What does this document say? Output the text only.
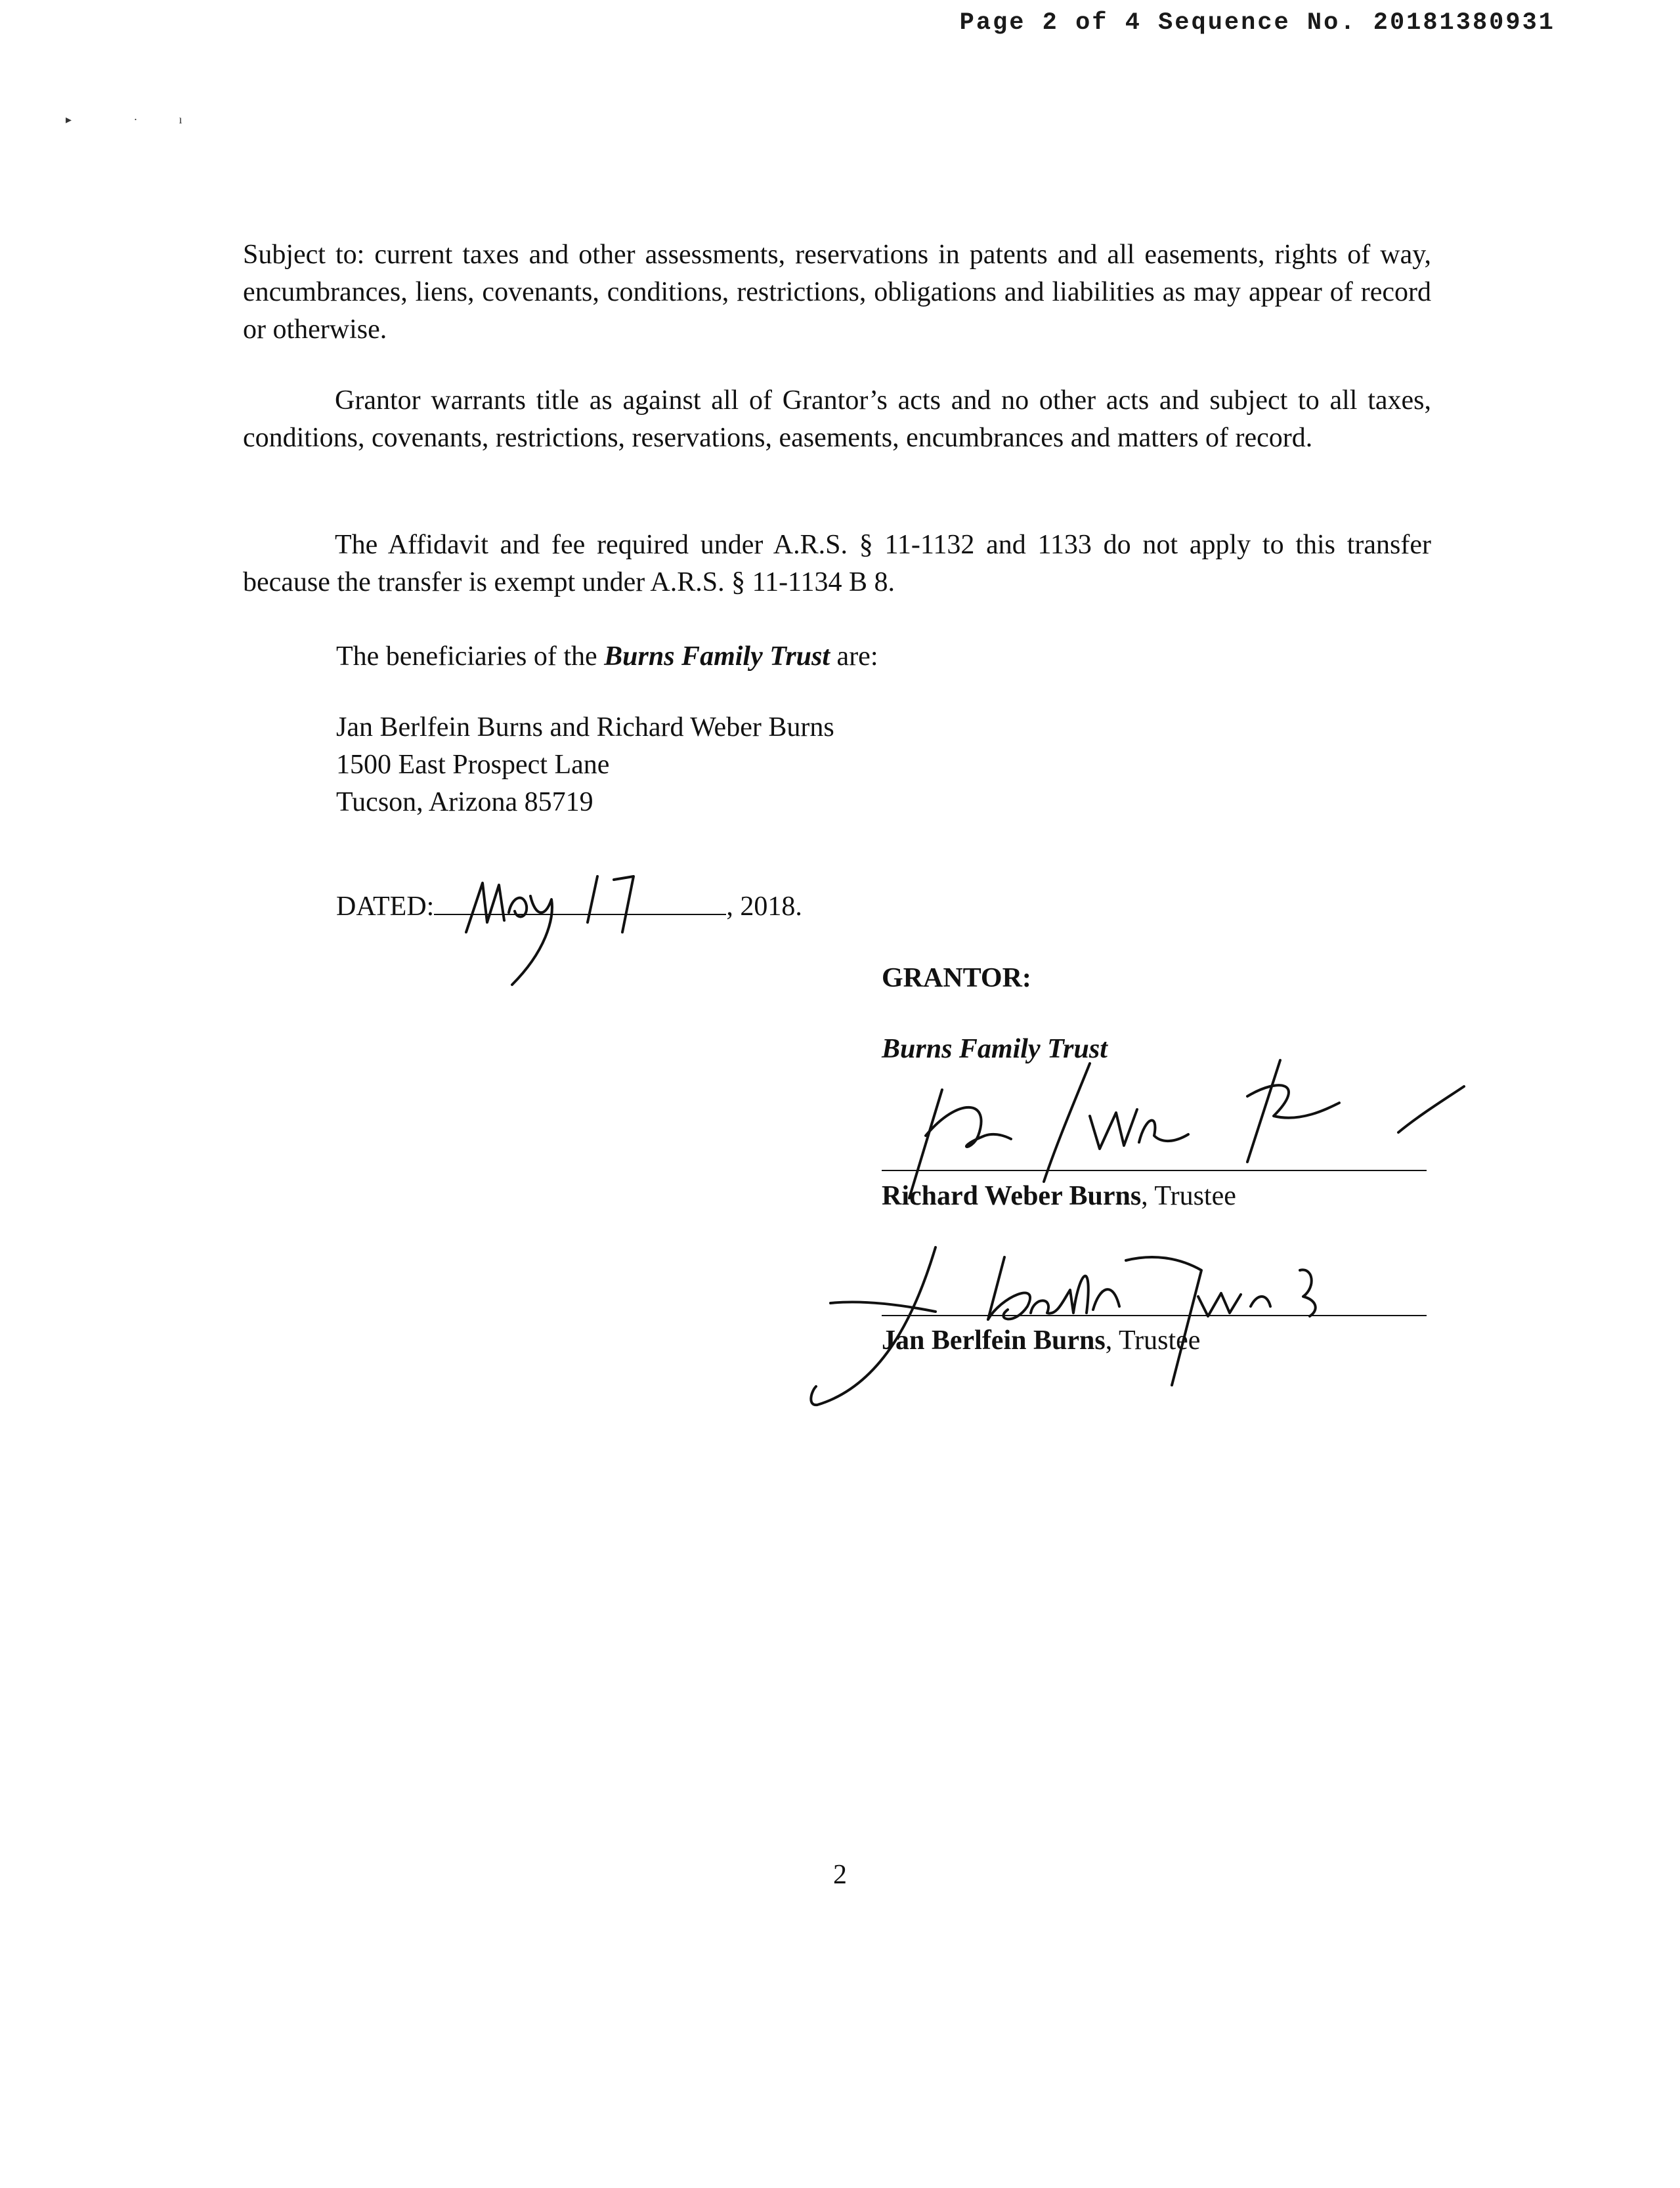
Page 2 of 4 Sequence No. 20181380931
▸                     ·              ı
Subject to: current taxes and other assessments, reservations in patents and all easements, rights of way, encumbrances, liens, covenants, conditions, restrictions, obligations and liabilities as may appear of record or otherwise.
Grantor warrants title as against all of Grantor’s acts and no other acts and subject to all taxes, conditions, covenants, restrictions, reservations, easements, encumbrances and matters of record.
The Affidavit and fee required under A.R.S. § 11-1132 and 1133 do not apply to this transfer because the transfer is exempt under A.R.S. § 11-1134 B 8.
The beneficiaries of the Burns Family Trust are:
Jan Berlfein Burns and Richard Weber Burns
1500 East Prospect Lane
Tucson, Arizona 85719
DATED:	, 2018.
GRANTOR:
Burns Family Trust
Richard Weber Burns, Trustee
Jan Berlfein Burns, Trustee
2
